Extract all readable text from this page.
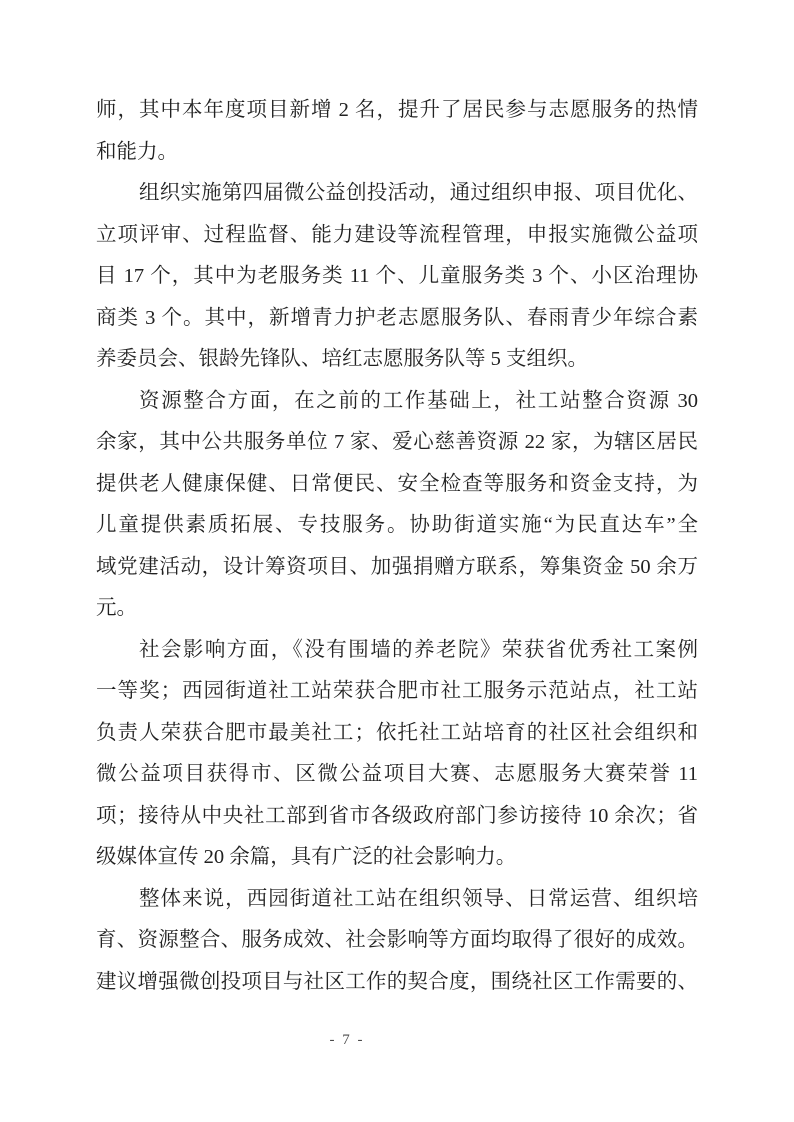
师，其中本年度项目新增 2 名，提升了居民参与志愿服务的热情
和能力。
组织实施第四届微公益创投活动，通过组织申报、项目优化、
立项评审、过程监督、能力建设等流程管理，申报实施微公益项
目 17 个，其中为老服务类 11 个、儿童服务类 3 个、小区治理协
商类 3 个。其中，新增青力护老志愿服务队、春雨青少年综合素
养委员会、银龄先锋队、培红志愿服务队等 5 支组织。
资源整合方面，在之前的工作基础上，社工站整合资源 30
余家，其中公共服务单位 7 家、爱心慈善资源 22 家，为辖区居民
提供老人健康保健、日常便民、安全检查等服务和资金支持，为
儿童提供素质拓展、专技服务。协助街道实施“为民直达车”全
域党建活动，设计筹资项目、加强捐赠方联系，筹集资金 50 余万
元。
社会影响方面，《没有围墙的养老院》荣获省优秀社工案例
一等奖；西园街道社工站荣获合肥市社工服务示范站点，社工站
负责人荣获合肥市最美社工；依托社工站培育的社区社会组织和
微公益项目获得市、区微公益项目大赛、志愿服务大赛荣誉 11
项；接待从中央社工部到省市各级政府部门参访接待 10 余次；省
级媒体宣传 20 余篇，具有广泛的社会影响力。
整体来说，西园街道社工站在组织领导、日常运营、组织培
育、资源整合、服务成效、社会影响等方面均取得了很好的成效。
建议增强微创投项目与社区工作的契合度，围绕社区工作需要的、
- 7 -
